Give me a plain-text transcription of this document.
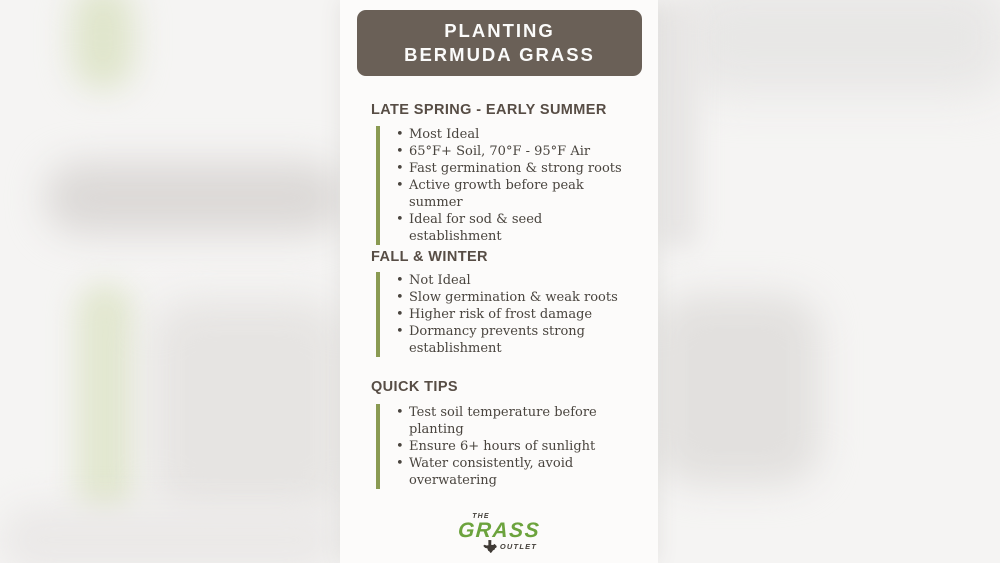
PLANTING
BERMUDA GRASS
LATE SPRING - EARLY SUMMER
• Most Ideal
• 65°F+ Soil, 70°F - 95°F Air
• Fast germination & strong roots
• Active growth before peak summer
• Ideal for sod & seed establishment
FALL & WINTER
• Not Ideal
• Slow germination & weak roots
• Higher risk of frost damage
• Dormancy prevents strong establishment
QUICK TIPS
• Test soil temperature before planting
• Ensure 6+ hours of sunlight
• Water consistently, avoid overwatering
THE
GRASS
OUTLET
